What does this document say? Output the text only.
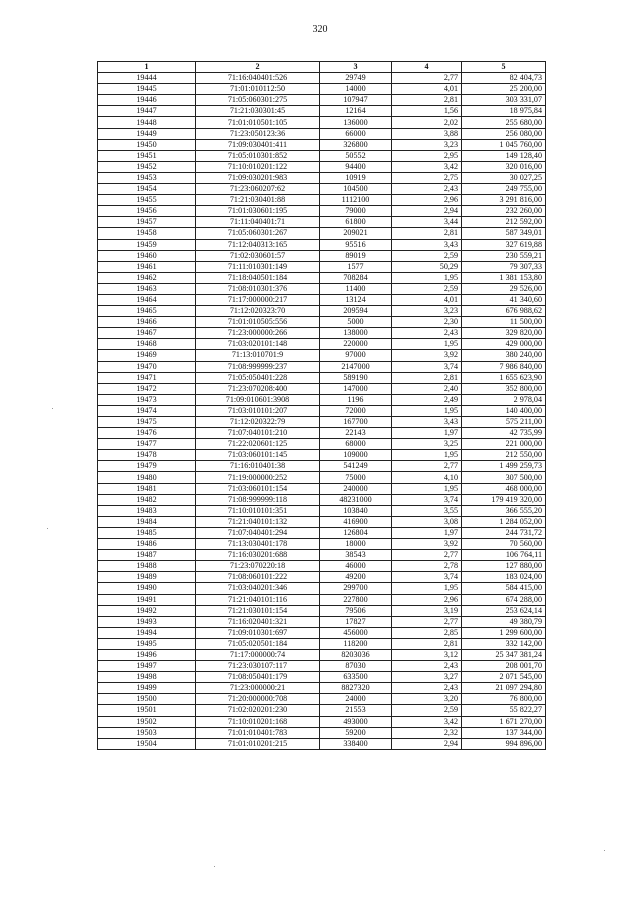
320
1	2	3	4	5
19444	71:16:040401:526	29749	2,77	82 404,73
19445	71:01:010112:50	14000	4,01	25 200,00
19446	71:05:060301:275	107947	2,81	303 331,07
19447	71:21:030301:45	12164	1,56	18 975,84
19448	71:01:010501:105	136000	2,02	255 680,00
19449	71:23:050123:36	66000	3,88	256 080,00
19450	71:09:030401:411	326800	3,23	1 045 760,00
19451	71:05:010301:852	50552	2,95	149 128,40
19452	71:10:010201:122	94400	3,42	320 016,00
19453	71:09:030201:983	10919	2,75	30 027,25
19454	71:23:060207:62	104500	2,43	249 755,00
19455	71:21:030401:88	1112100	2,96	3 291 816,00
19456	71:01:030601:195	79000	2,94	232 260,00
19457	71:11:040401:71	61800	3,44	212 592,00
19458	71:05:060301:267	209021	2,81	587 349,01
19459	71:12:040313:165	95516	3,43	327 619,88
19460	71:02:030601:57	89019	2,59	230 559,21
19461	71:11:010301:149	1577	50,29	79 307,33
19462	71:18:040501:184	708284	1,95	1 381 153,80
19463	71:08:010301:376	11400	2,59	29 526,00
19464	71:17:000000:217	13124	4,01	41 340,60
19465	71:12:020323:70	209594	3,23	676 988,62
19466	71:01:010505:556	5000	2,30	11 500,00
19467	71:23:000000:266	138000	2,43	329 820,00
19468	71:03:020101:148	220000	1,95	429 000,00
19469	71:13:010701:9	97000	3,92	380 240,00
19470	71:08:999999:237	2147000	3,74	7 986 840,00
19471	71:05:050401:228	589190	2,81	1 655 623,90
19472	71:23:070208:400	147000	2,40	352 800,00
19473	71:09:010601:3908	1196	2,49	2 978,04
19474	71:03:010101:207	72000	1,95	140 400,00
19475	71:12:020322:79	167700	3,43	575 211,00
19476	71:07:040101:210	22143	1,97	42 735,99
19477	71:22:020601:125	68000	3,25	221 000,00
19478	71:03:060101:145	109000	1,95	212 550,00
19479	71:16:010401:38	541249	2,77	1 499 259,73
19480	71:19:000000:252	75000	4,10	307 500,00
19481	71:03:060101:154	240000	1,95	468 000,00
19482	71:08:999999:118	48231000	3,74	179 419 320,00
19483	71:10:010101:351	103840	3,55	366 555,20
19484	71:21:040101:132	416900	3,08	1 284 052,00
19485	71:07:040401:294	126804	1,97	244 731,72
19486	71:13:030401:178	18000	3,92	70 560,00
19487	71:16:030201:688	38543	2,77	106 764,11
19488	71:23:070220:18	46000	2,78	127 880,00
19489	71:08:060101:222	49200	3,74	183 024,00
19490	71:03:040201:346	299700	1,95	584 415,00
19491	71:21:040101:116	227800	2,96	674 288,00
19492	71:21:030101:154	79506	3,19	253 624,14
19493	71:16:020401:321	17827	2,77	49 380,79
19494	71:09:010301:697	456000	2,85	1 299 600,00
19495	71:05:020501:184	118200	2,81	332 142,00
19496	71:17:000000:74	8203036	3,12	25 347 381,24
19497	71:23:030107:117	87030	2,43	208 001,70
19498	71:08:050401:179	633500	3,27	2 071 545,00
19499	71:23:000000:21	8827320	2,43	21 097 294,80
19500	71:20:000000:708	24000	3,20	76 800,00
19501	71:02:020201:230	21553	2,59	55 822,27
19502	71:10:010201:168	493000	3,42	1 671 270,00
19503	71:01:010401:783	59200	2,32	137 344,00
19504	71:01:010201:215	338400	2,94	994 896,00
